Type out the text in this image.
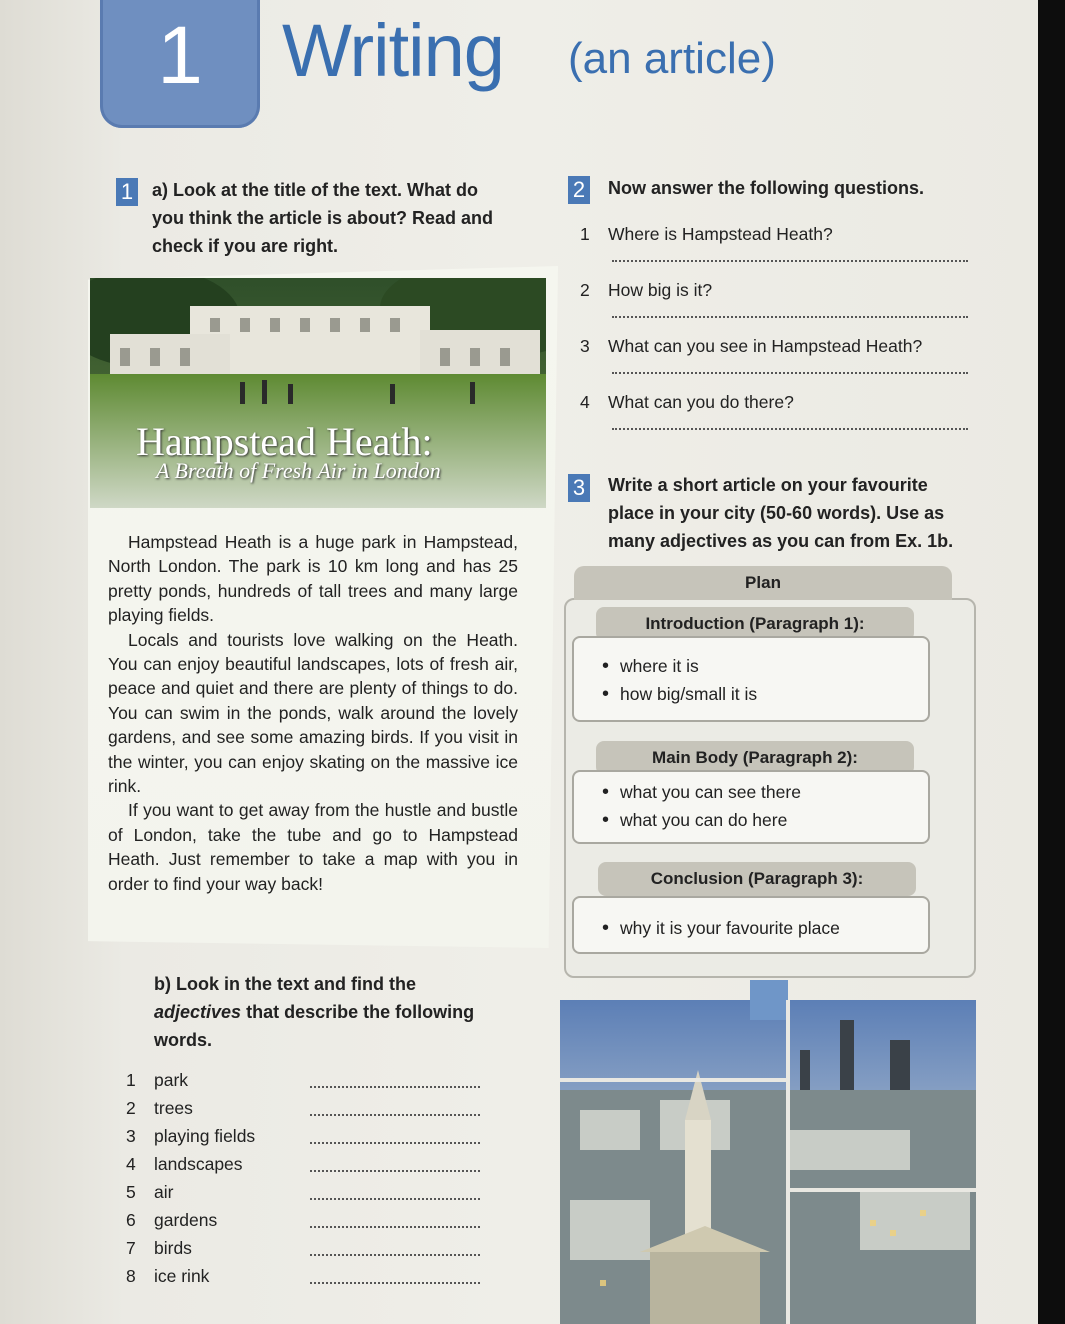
1	Writing (an article)
1 a) Look at the title of the text. What do you think the article is about? Read and check if you are right.
Hampstead Heath:
A Breath of Fresh Air in London

Hampstead Heath is a huge park in Hampstead, North London. The park is 10 km long and has 25 pretty ponds, hundreds of tall trees and many large playing fields.

Locals and tourists love walking on the Heath. You can enjoy beautiful landscapes, lots of fresh air, peace and quiet and there are plenty of things to do. You can swim in the ponds, walk around the lovely gardens, and see some amazing birds. If you visit in the winter, you can enjoy skating on the massive ice rink.

If you want to get away from the hustle and bustle of London, take the tube and go to Hampstead Heath. Just remember to take a map with you in order to find your way back!

b) Look in the text and find the adjectives that describe the following words.
1 park
2 trees
3 playing fields
4 landscapes
5 air
6 gardens
7 birds
8 ice rink
2 Now answer the following questions.
1	Where is Hampstead Heath?
2	How big is it?
3	What can you see in Hampstead Heath?
4	What can you do there?
3 Write a short article on your favourite place in your city (50-60 words). Use as many adjectives as you can from Ex. 1b.
Plan
Introduction (Paragraph 1):
• where it is
• how big/small it is
Main Body (Paragraph 2):
• what you can see there
• what you can do here
Conclusion (Paragraph 3):
• why it is your favourite place
